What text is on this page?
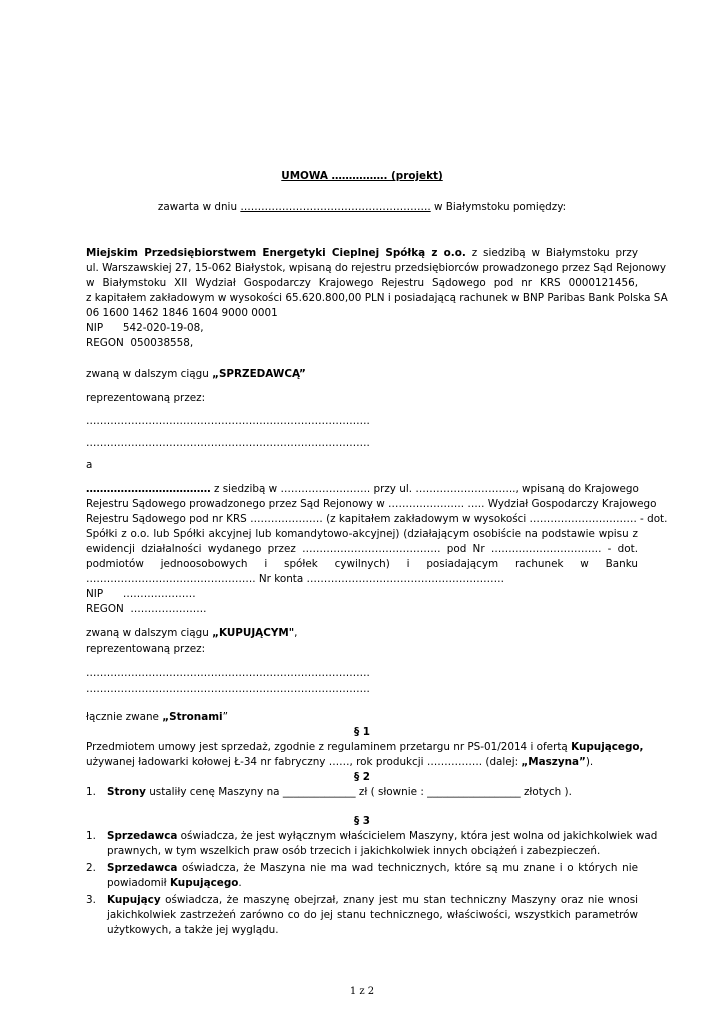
UMOWA ……………. (projekt)
zawarta w dniu ………………………………………………. w Białymstoku pomiędzy:
Miejskim Przedsiębiorstwem Energetyki Cieplnej Spółką z o.o. z siedzibą w Białymstoku przy
ul. Warszawskiej 27, 15-062 Białystok, wpisaną do rejestru przedsiębiorców prowadzonego przez Sąd Rejonowy
w Białymstoku XII Wydział Gospodarczy Krajowego Rejestru Sądowego pod nr KRS 0000121456,
z kapitałem zakładowym w wysokości 65.620.800,00 PLN i posiadającą rachunek w BNP Paribas Bank Polska SA
06 1600 1462 1846 1604 9000 0001
NIP      542-020-19-08,
REGON  050038558,
zwaną w dalszym ciągu „SPRZEDAWCĄ”
reprezentowaną przez:
……………………………………………………………………….
……………………………………………………………………….
a
……………………………… z siedzibą w …………………….. przy ul. ……………………….., wpisaną do Krajowego
Rejestru Sądowego prowadzonego przez Sąd Rejonowy w …………………. ….. Wydział Gospodarczy Krajowego
Rejestru Sądowego pod nr KRS ………………… (z kapitałem zakładowym w wysokości …………………………. - dot.
Spółki z o.o. lub Spółki akcyjnej lub komandytowo-akcyjnej) (działającym osobiście na podstawie wpisu z
ewidencji działalności wydanego przez …………………………………. pod Nr ………………………….. - dot.
podmiotów jednoosobowych i spółek cywilnych) i posiadającym rachunek w Banku
…………………………………………. Nr konta …………………………………………………
NIP      …………………
REGON  ………………….
zwaną w dalszym ciągu „KUPUJĄCYM",
reprezentowaną przez:
……………………………………………………………………….
……………………………………………………………………….
łącznie zwane „Stronami”
§ 1
Przedmiotem umowy jest sprzedaż, zgodnie z regulaminem przetargu nr PS-01/2014 i ofertą Kupującego,
używanej ładowarki kołowej Ł-34 nr fabryczny ……, rok produkcji ……………. (dalej: „Maszyna”).
§ 2
1. Strony ustaliły cenę Maszyny na ______________ zł ( słownie : __________________ złotych ).
§ 3
1. Sprzedawca oświadcza, że jest wyłącznym właścicielem Maszyny, która jest wolna od jakichkolwiek wad
prawnych, w tym wszelkich praw osób trzecich i jakichkolwiek innych obciążeń i zabezpieczeń.
2. Sprzedawca oświadcza, że Maszyna nie ma wad technicznych, które są mu znane i o których nie
powiadomił Kupującego.
3. Kupujący oświadcza, że maszynę obejrzał, znany jest mu stan techniczny Maszyny oraz nie wnosi
jakichkolwiek zastrzeżeń zarówno co do jej stanu technicznego, właściwości, wszystkich parametrów
użytkowych, a także jej wyglądu.
1 z 2
